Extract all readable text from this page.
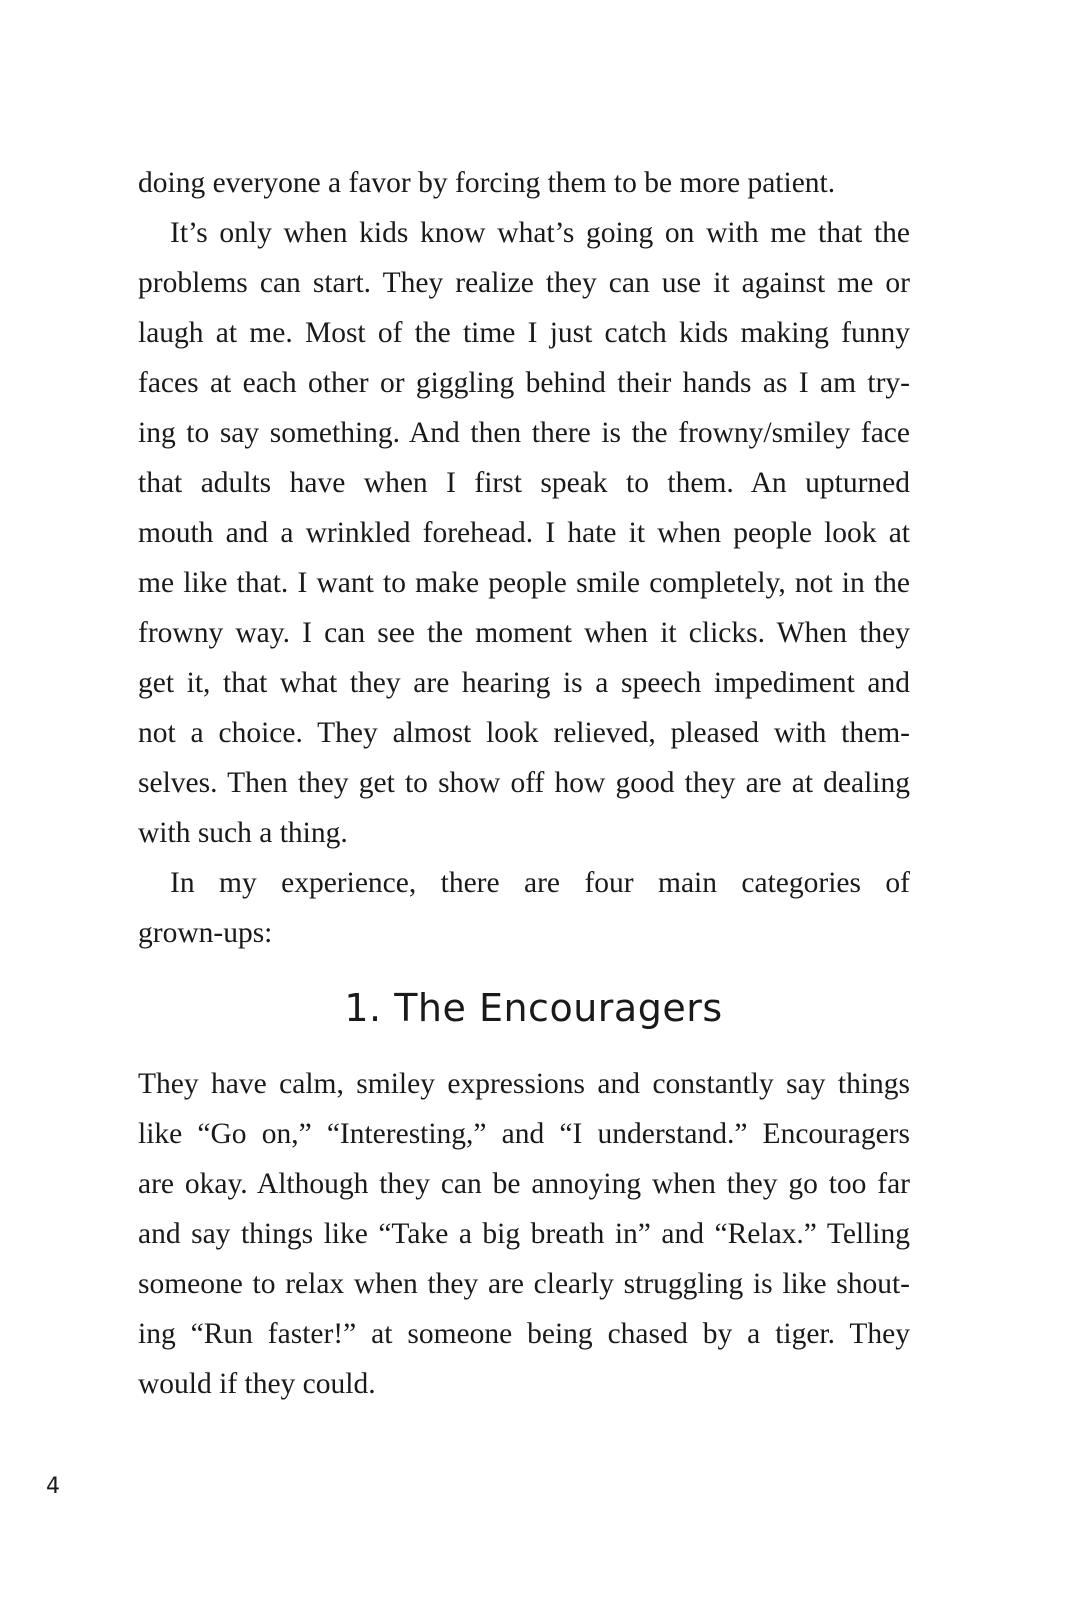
doing everyone a favor by forcing them to be more patient.
It’s only when kids know what’s going on with me that the
problems can start. They realize they can use it against me or
laugh at me. Most of the time I just catch kids making funny
faces at each other or giggling behind their hands as I am try-
ing to say something. And then there is the frowny/smiley face
that adults have when I first speak to them. An upturned
mouth and a wrinkled forehead. I hate it when people look at
me like that. I want to make people smile completely, not in the
frowny way. I can see the moment when it clicks. When they
get it, that what they are hearing is a speech impediment and
not a choice. They almost look relieved, pleased with them-
selves. Then they get to show off how good they are at dealing
with such a thing.
In my experience, there are four main categories of
grown-ups:
They have calm, smiley expressions and constantly say things
like “Go on,” “Interesting,” and “I understand.” Encouragers
are okay. Although they can be annoying when they go too far
and say things like “Take a big breath in” and “Relax.” Telling
someone to relax when they are clearly struggling is like shout-
ing “Run faster!” at someone being chased by a tiger. They
would if they could.
1. The Encouragers
4
